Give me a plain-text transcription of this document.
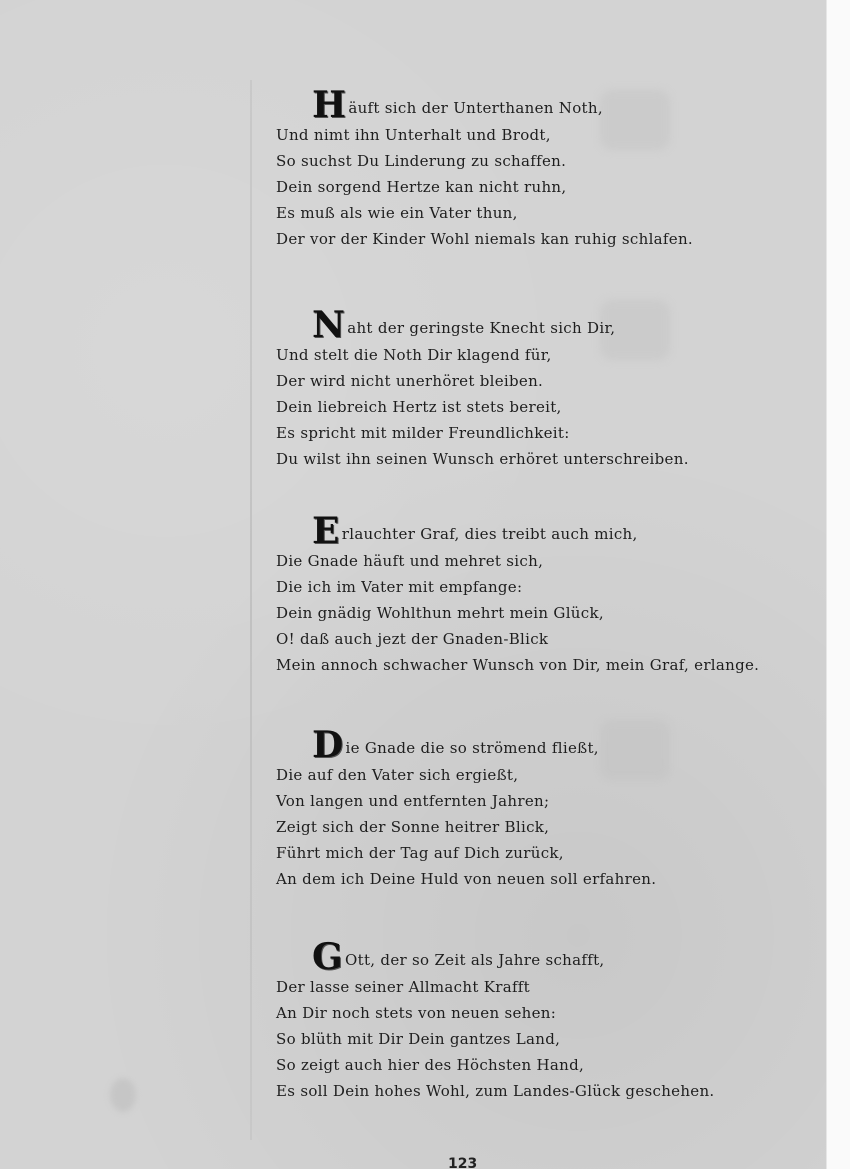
Häuft sich der Unterthanen Noth,
Und nimt ihn Unterhalt und Brodt,
So suchst Du Linderung zu schaffen.
Dein sorgend Hertze kan nicht ruhn,
Es muß als wie ein Vater thun,
Der vor der Kinder Wohl niemals kan ruhig schlafen.
Naht der geringste Knecht sich Dir,
Und stelt die Noth Dir klagend für,
Der wird nicht unerhöret bleiben.
Dein liebreich Hertz ist stets bereit,
Es spricht mit milder Freundlichkeit:
Du wilst ihn seinen Wunsch erhöret unterschreiben.
Erlauchter Graf, dies treibt auch mich,
Die Gnade häuft und mehret sich,
Die ich im Vater mit empfange:
Dein gnädig Wohlthun mehrt mein Glück,
O! daß auch jezt der Gnaden-Blick
Mein annoch schwacher Wunsch von Dir, mein Graf, erlange.
Die Gnade die so strömend fließt,
Die auf den Vater sich ergießt,
Von langen und entfernten Jahren;
Zeigt sich der Sonne heitrer Blick,
Führt mich der Tag auf Dich zurück,
An dem ich Deine Huld von neuen soll erfahren.
G Ott, der so Zeit als Jahre schafft,
Der lasse seiner Allmacht Krafft
An Dir noch stets von neuen sehen:
So blüth mit Dir Dein gantzes Land,
So zeigt auch hier des Höchsten Hand,
Es soll Dein hohes Wohl, zum Landes-Glück geschehen.
123
